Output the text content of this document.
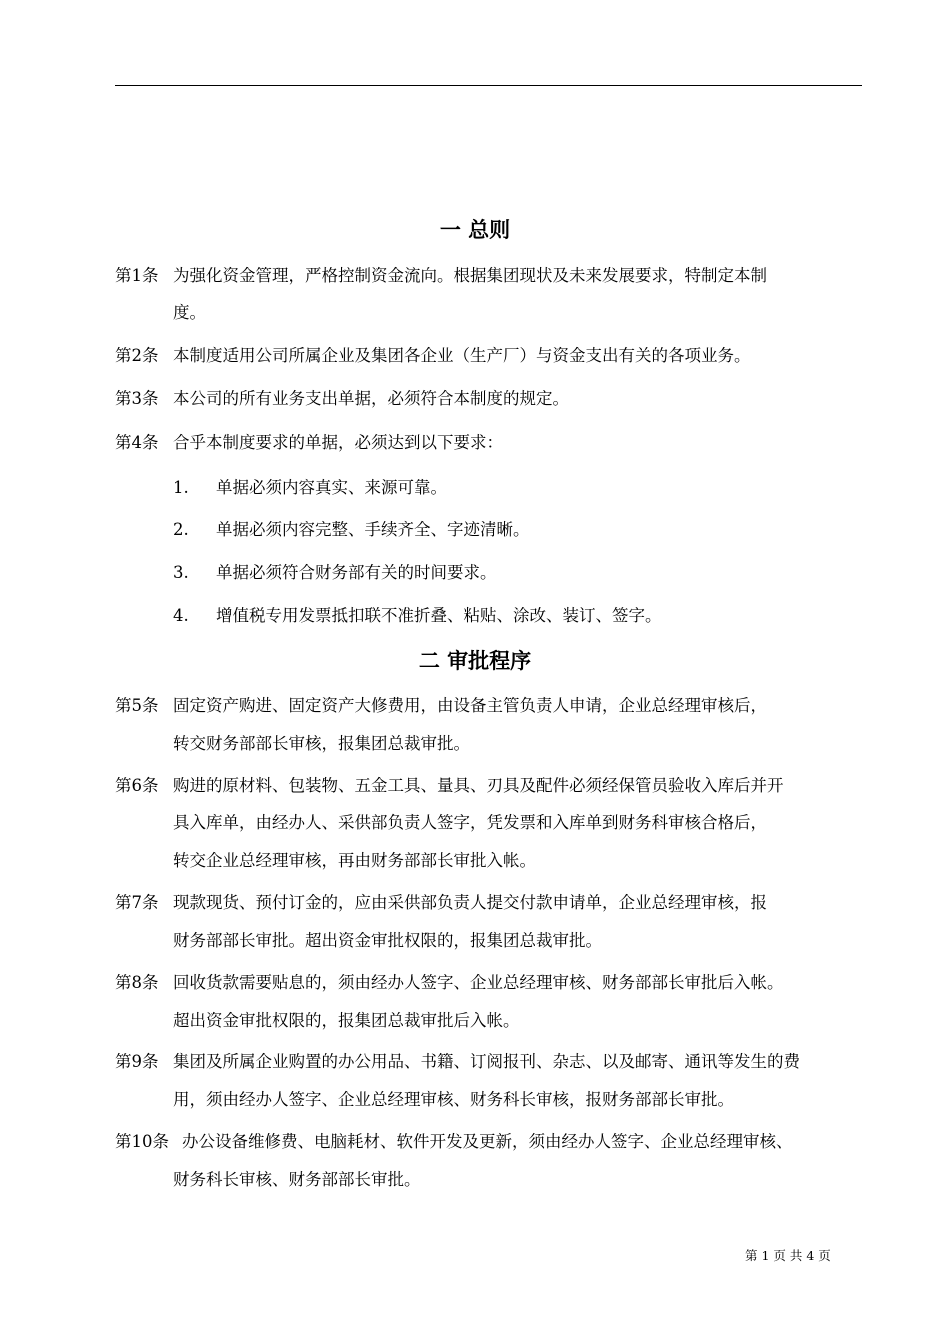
一 总则
第1条 为强化资金管理，严格控制资金流向。根据集团现状及未来发展要求，特制定本制
度。
第2条 本制度适用公司所属企业及集团各企业（生产厂）与资金支出有关的各项业务。
第3条 本公司的所有业务支出单据，必须符合本制度的规定。
第4条 合乎本制度要求的单据，必须达到以下要求：
1. 单据必须内容真实、来源可靠。
2. 单据必须内容完整、手续齐全、字迹清晰。
3. 单据必须符合财务部有关的时间要求。
4. 增值税专用发票抵扣联不准折叠、粘贴、涂改、装订、签字。
二 审批程序
第5条 固定资产购进、固定资产大修费用，由设备主管负责人申请，企业总经理审核后，
转交财务部部长审核，报集团总裁审批。
第6条 购进的原材料、包装物、五金工具、量具、刃具及配件必须经保管员验收入库后并开
具入库单，由经办人、采供部负责人签字，凭发票和入库单到财务科审核合格后，
转交企业总经理审核，再由财务部部长审批入帐。
第7条 现款现货、预付订金的，应由采供部负责人提交付款申请单，企业总经理审核，报
财务部部长审批。超出资金审批权限的，报集团总裁审批。
第8条 回收货款需要贴息的，须由经办人签字、企业总经理审核、财务部部长审批后入帐。
超出资金审批权限的，报集团总裁审批后入帐。
第9条 集团及所属企业购置的办公用品、书籍、订阅报刊、杂志、以及邮寄、通讯等发生的费
用，须由经办人签字、企业总经理审核、财务科长审核，报财务部部长审批。
第10条 办公设备维修费、电脑耗材、软件开发及更新，须由经办人签字、企业总经理审核、
财务科长审核、财务部部长审批。
第 1 页 共 4 页
